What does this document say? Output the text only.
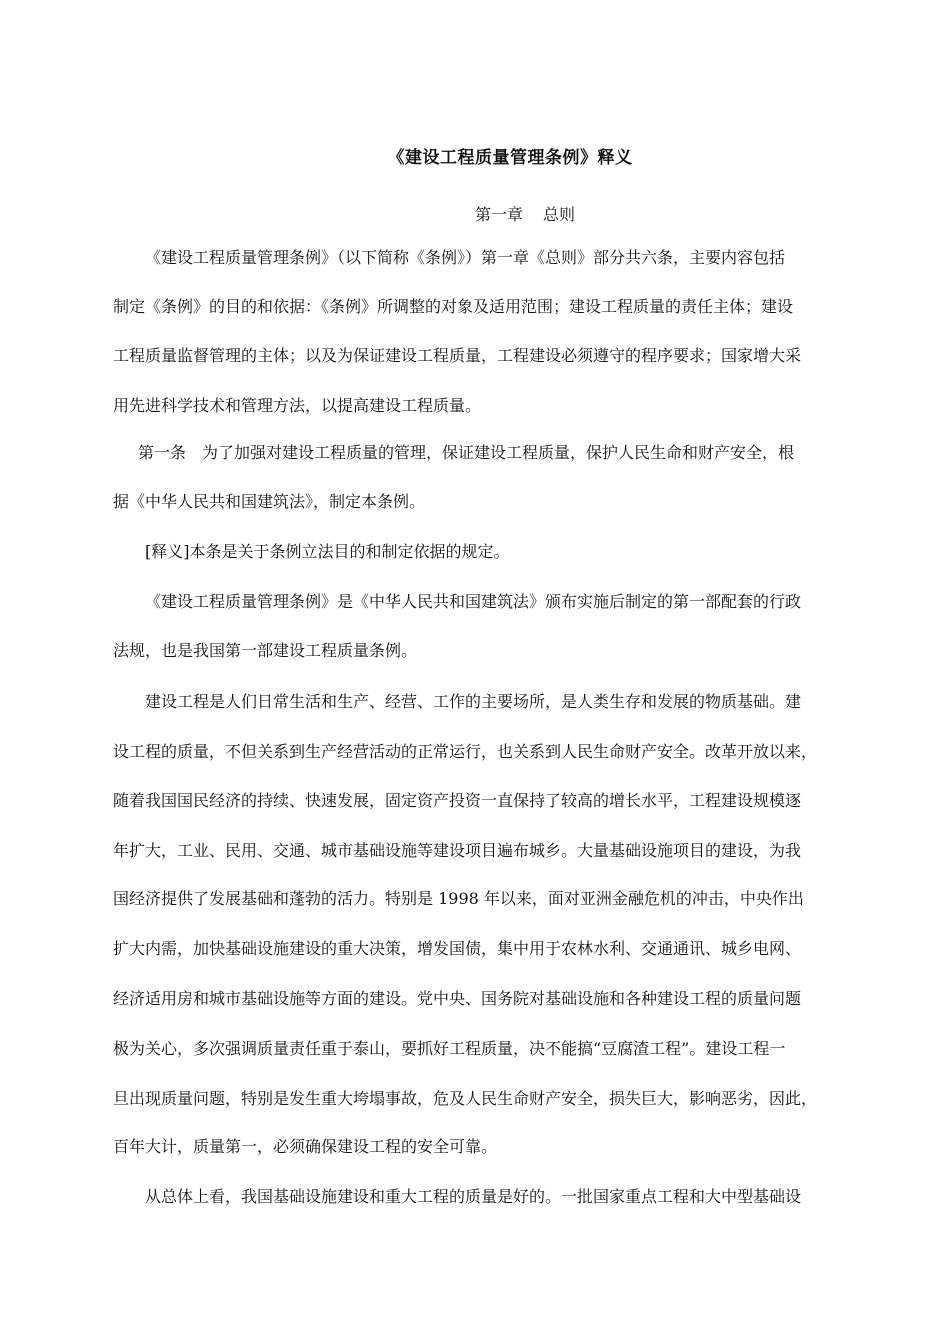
《建设工程质量管理条例》释义
第一章 总则
《建设工程质量管理条例》（以下简称《条例》）第一章《总则》部分共六条，主要内容包括
制定《条例》的目的和依据：《条例》所调整的对象及适用范围；建设工程质量的责任主体；建设
工程质量监督管理的主体；以及为保证建设工程质量，工程建设必须遵守的程序要求；国家增大采
用先进科学技术和管理方法，以提高建设工程质量。
第一条　为了加强对建设工程质量的管理，保证建设工程质量，保护人民生命和财产安全，根
据《中华人民共和国建筑法》，制定本条例。
[释义]本条是关于条例立法目的和制定依据的规定。
《建设工程质量管理条例》是《中华人民共和国建筑法》颁布实施后制定的第一部配套的行政
法规，也是我国第一部建设工程质量条例。
建设工程是人们日常生活和生产、经营、工作的主要场所，是人类生存和发展的物质基础。建
设工程的质量，不但关系到生产经营活动的正常运行，也关系到人民生命财产安全。改革开放以来，
随着我国国民经济的持续、快速发展，固定资产投资一直保持了较高的增长水平，工程建设规模逐
年扩大，工业、民用、交通、城市基础设施等建设项目遍布城乡。大量基础设施项目的建设，为我
国经济提供了发展基础和蓬勃的活力。特别是 1998 年以来，面对亚洲金融危机的冲击，中央作出
扩大内需，加快基础设施建设的重大决策，增发国债，集中用于农林水利、交通通讯、城乡电网、
经济适用房和城市基础设施等方面的建设。党中央、国务院对基础设施和各种建设工程的质量问题
极为关心，多次强调质量责任重于泰山，要抓好工程质量，决不能搞“豆腐渣工程”。建设工程一
旦出现质量问题，特别是发生重大垮塌事故，危及人民生命财产安全，损失巨大，影响恶劣，因此，
百年大计，质量第一，必须确保建设工程的安全可靠。
从总体上看，我国基础设施建设和重大工程的质量是好的。一批国家重点工程和大中型基础设
